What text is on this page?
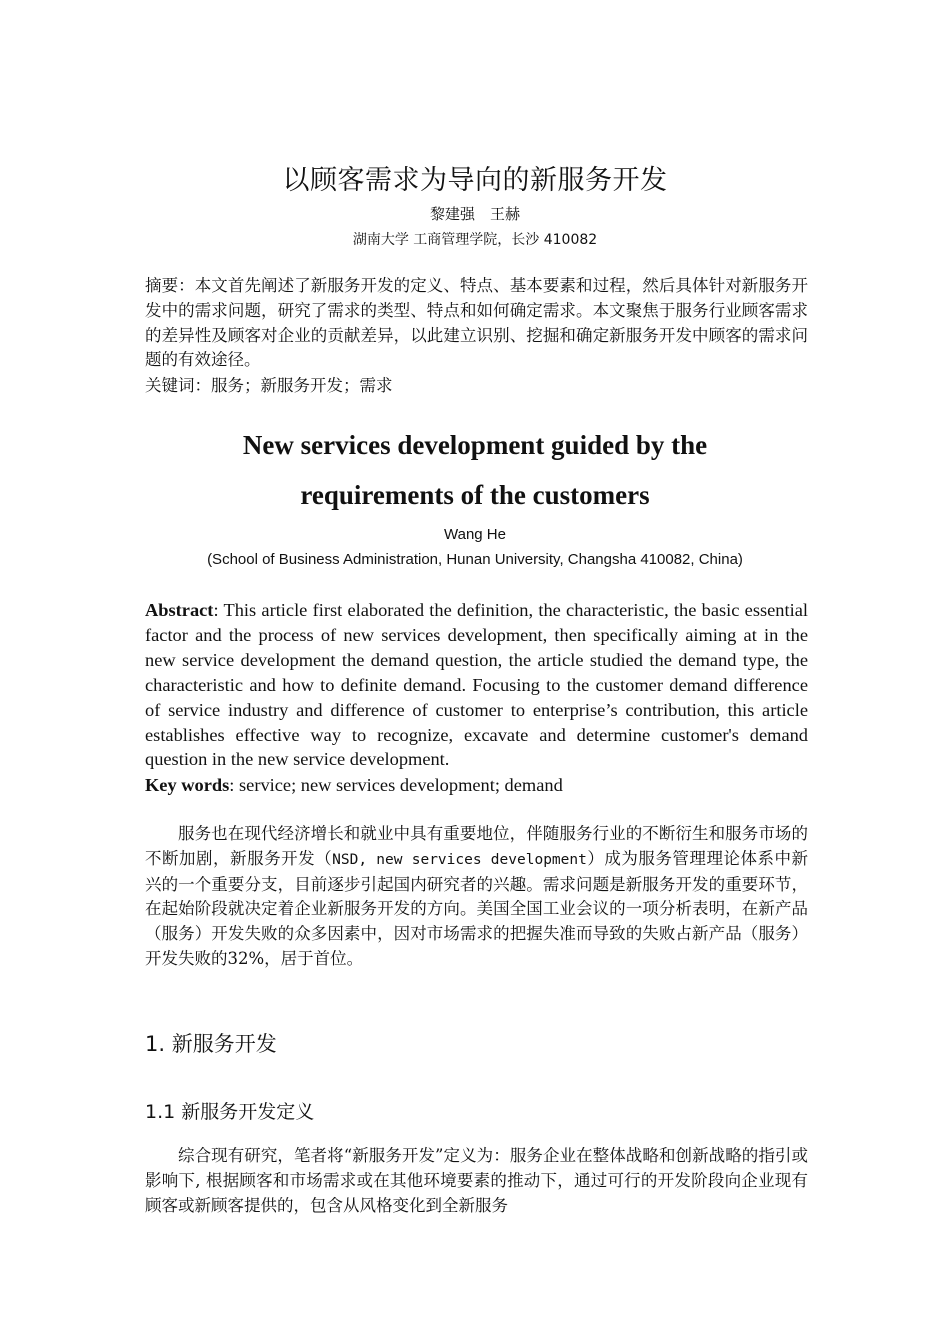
以顾客需求为导向的新服务开发
黎建强　王赫
湖南大学 工商管理学院，长沙 410082
摘要：本文首先阐述了新服务开发的定义、特点、基本要素和过程，然后具体针对新服务开发中的需求问题，研究了需求的类型、特点和如何确定需求。本文聚焦于服务行业顾客需求的差异性及顾客对企业的贡献差异，以此建立识别、挖掘和确定新服务开发中顾客的需求问题的有效途径。
关键词：服务；新服务开发；需求
New services development guided by the
requirements of the customers
Wang He
(School of Business Administration, Hunan University, Changsha 410082, China)
Abstract: This article first elaborated the definition, the characteristic, the basic essential factor and the process of new services development, then specifically aiming at in the new service development the demand question, the article studied the demand type, the characteristic and how to definite demand. Focusing to the customer demand difference of service industry and difference of customer to enterprise’s contribution, this article establishes effective way to recognize, excavate and determine customer's demand question in the new service development.
Key words: service; new services development; demand
服务也在现代经济增长和就业中具有重要地位，伴随服务行业的不断衍生和服务市场的不断加剧，新服务开发（NSD, new services development）成为服务管理理论体系中新兴的一个重要分支，目前逐步引起国内研究者的兴趣。需求问题是新服务开发的重要环节，在起始阶段就决定着企业新服务开发的方向。美国全国工业会议的一项分析表明，在新产品（服务）开发失败的众多因素中，因对市场需求的把握失准而导致的失败占新产品（服务）开发失败的32%，居于首位。
1. 新服务开发
1.1 新服务开发定义
综合现有研究，笔者将“新服务开发”定义为：服务企业在整体战略和创新战略的指引或影响下, 根据顾客和市场需求或在其他环境要素的推动下，通过可行的开发阶段向企业现有顾客或新顾客提供的，包含从风格变化到全新服务
